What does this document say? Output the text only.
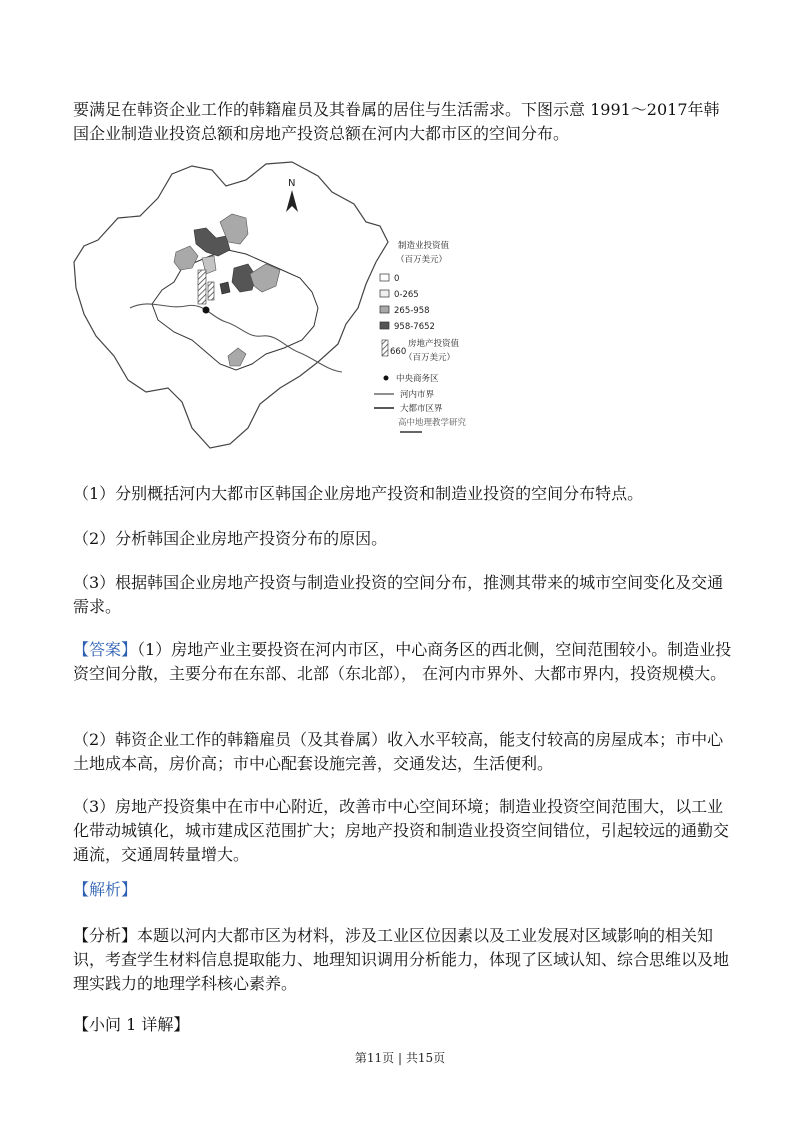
要满足在韩资企业工作的韩籍雇员及其眷属的居住与生活需求。下图示意 1991～2017年韩国企业制造业投资总额和房地产投资总额在河内大都市区的空间分布。

N
制造业投资值
（百万美元）
0
0-265
265-958
958-7652
660
房地产投资值
（百万美元）
中央商务区
河内市界
大都市区界
高中地理教学研究

（1）分别概括河内大都市区韩国企业房地产投资和制造业投资的空间分布特点。

（2）分析韩国企业房地产投资分布的原因。

（3）根据韩国企业房地产投资与制造业投资的空间分布，推测其带来的城市空间变化及交通需求。

【答案】（1）房地产业主要投资在河内市区，中心商务区的西北侧，空间范围较小。制造业投资空间分散，主要分布在东部、北部（东北部）， 在河内市界外、大都市界内，投资规模大。

（2）韩资企业工作的韩籍雇员（及其眷属）收入水平较高，能支付较高的房屋成本；市中心土地成本高，房价高；市中心配套设施完善，交通发达，生活便利。

（3）房地产投资集中在市中心附近，改善市中心空间环境；制造业投资空间范围大，以工业化带动城镇化，城市建成区范围扩大；房地产投资和制造业投资空间错位，引起较远的通勤交通流，交通周转量增大。

【解析】

【分析】本题以河内大都市区为材料，涉及工业区位因素以及工业发展对区域影响的相关知识，考查学生材料信息提取能力、地理知识调用分析能力，体现了区域认知、综合思维以及地理实践力的地理学科核心素养。

【小问 1 详解】

第11页 | 共15页
